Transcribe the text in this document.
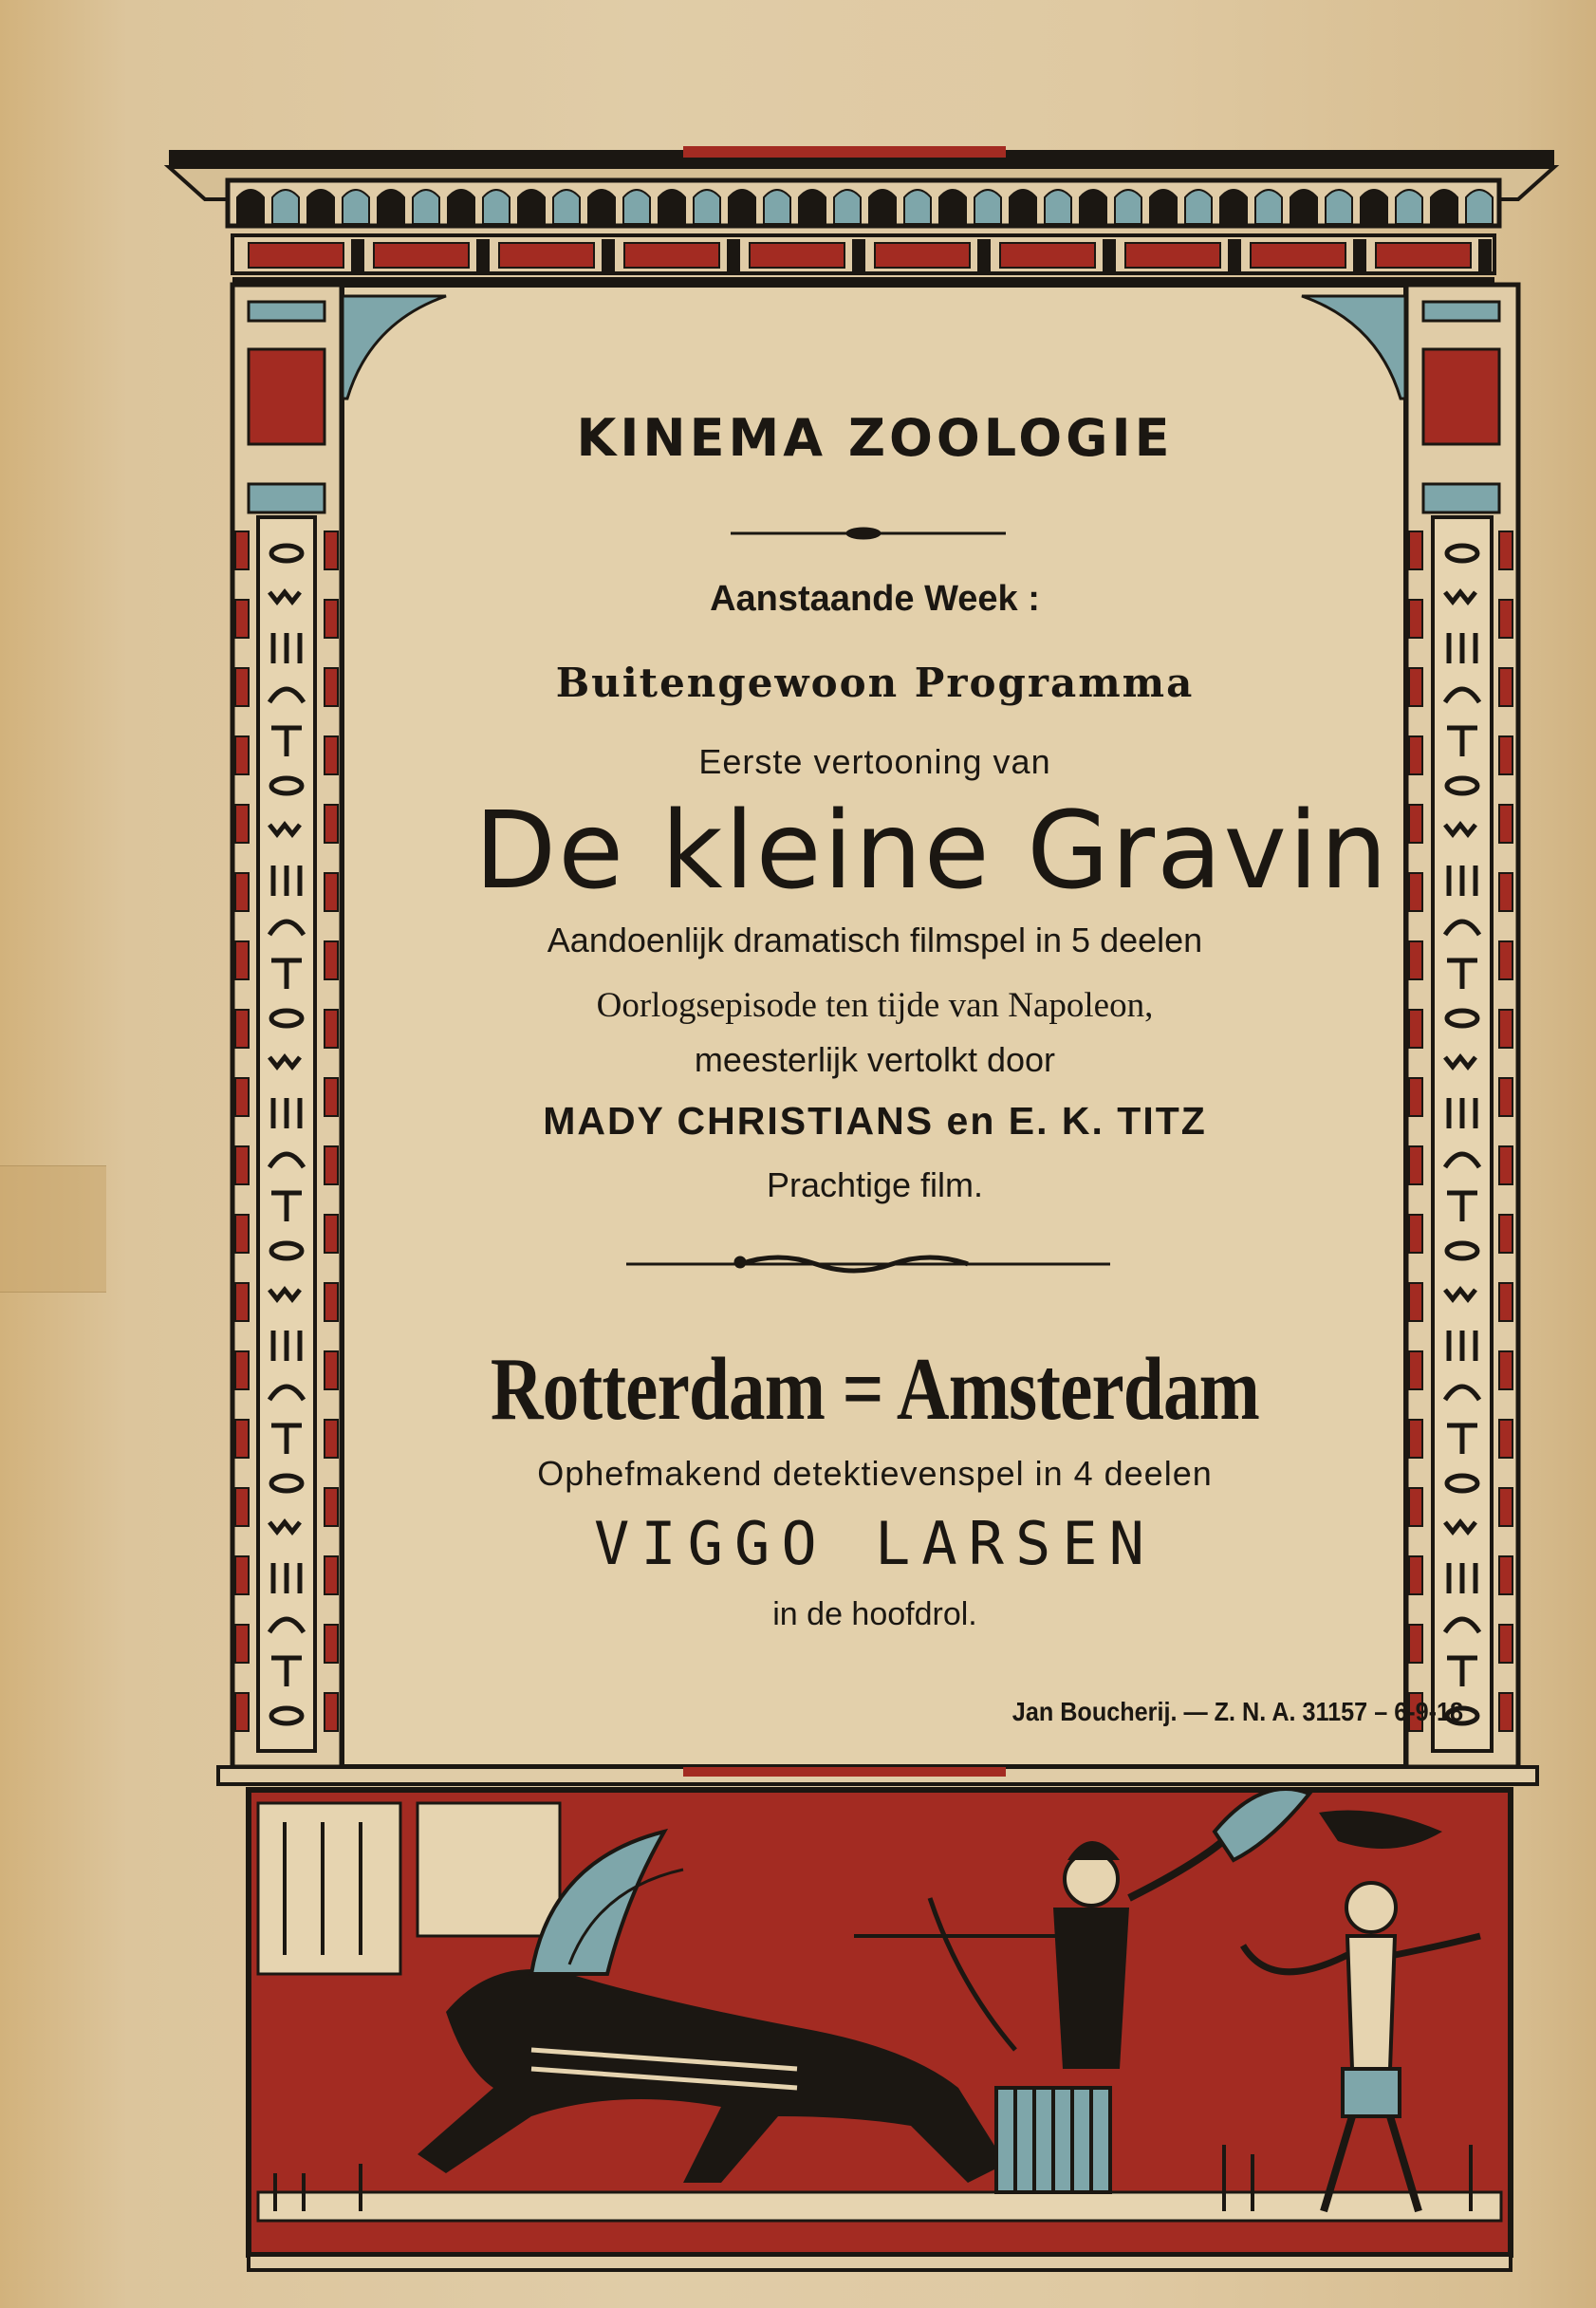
KINEMA ZOOLOGIE
Aanstaande Week :
Buitengewoon Programma
Eerste vertooning van
De kleine Gravin
Aandoenlijk dramatisch filmspel in 5 deelen
Oorlogsepisode ten tijde van Napoleon,
meesterlijk vertolkt door
MADY CHRISTIANS en E. K. TITZ
Prachtige film.
Rotterdam = Amsterdam
Ophefmakend detektievenspel in 4 deelen
VIGGO LARSEN
in de hoofdrol.
Jan Boucherij. — Z. N. A. 31157 – 6-9-18
